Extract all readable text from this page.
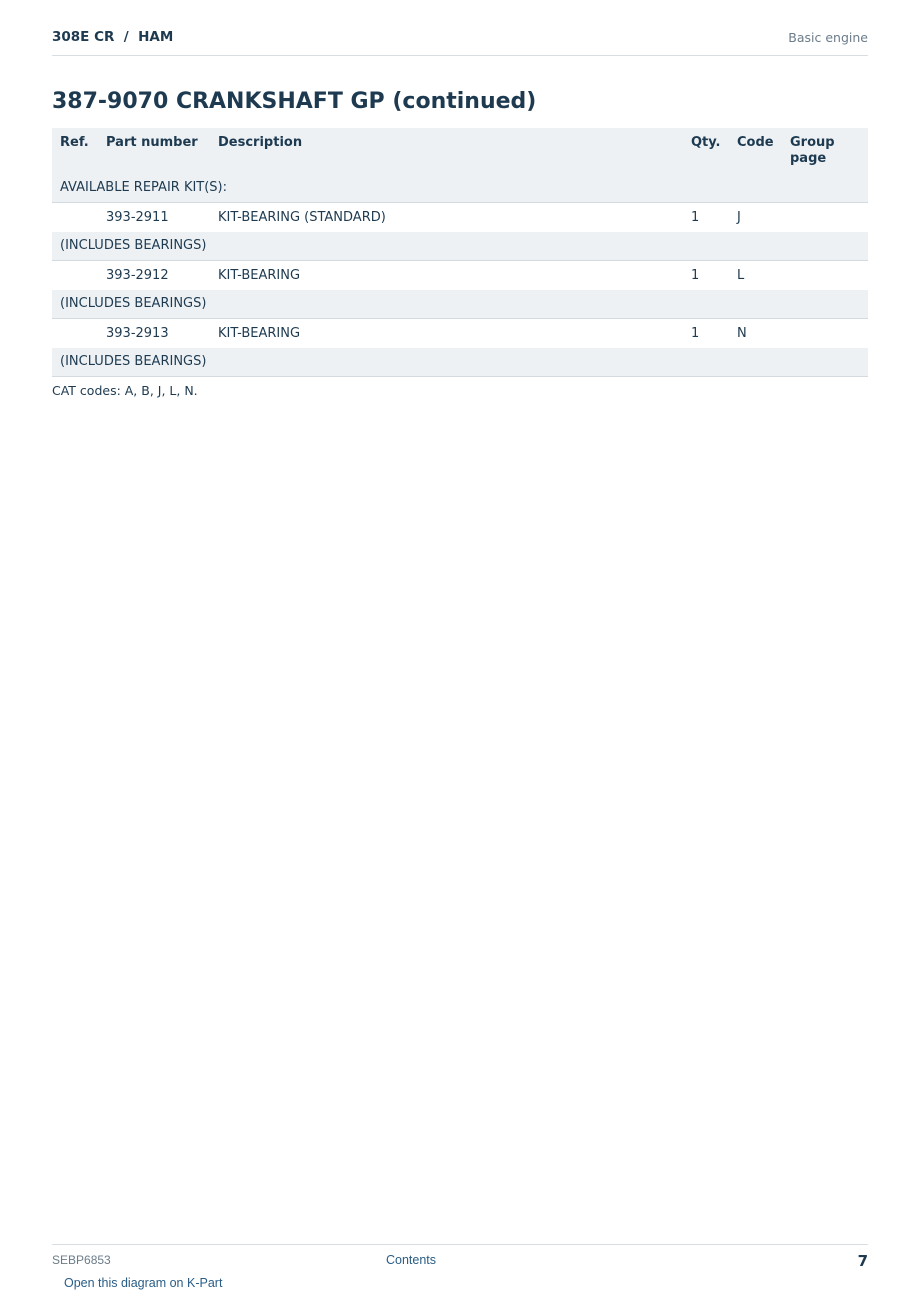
308E CR  /  HAM	Basic engine
387-9070 CRANKSHAFT GP (continued)
Ref.	Part number	Description	Qty.	Code	Group page
AVAILABLE REPAIR KIT(S):					
	393-2911	KIT-BEARING (STANDARD)	1	J	
(INCLUDES BEARINGS)					
	393-2912	KIT-BEARING	1	L	
(INCLUDES BEARINGS)					
	393-2913	KIT-BEARING	1	N	
(INCLUDES BEARINGS)					
CAT codes: A, B, J, L, N.
SEBP6853	Contents	7
Open this diagram on K-Part
